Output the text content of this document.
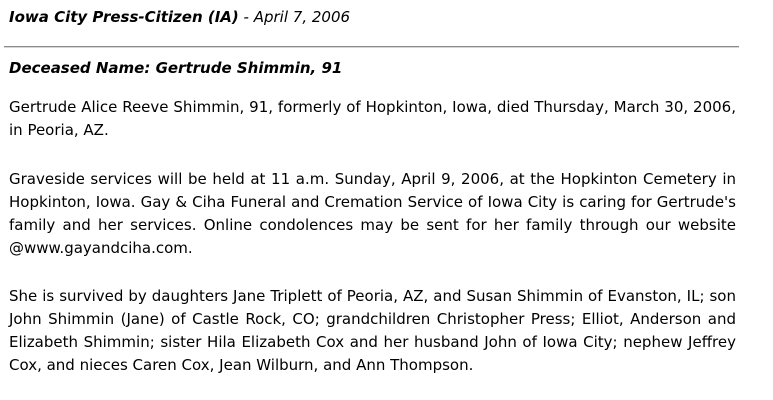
Iowa City Press-Citizen (IA) - April 7, 2006
Deceased Name: Gertrude Shimmin, 91

Gertrude Alice Reeve Shimmin, 91, formerly of Hopkinton, Iowa, died Thursday, March 30, 2006, in Peoria, AZ.

Graveside services will be held at 11 a.m. Sunday, April 9, 2006, at the Hopkinton Cemetery in Hopkinton, Iowa. Gay & Ciha Funeral and Cremation Service of Iowa City is caring for Gertrude's family and her services. Online condolences may be sent for her family through our website @www.gayandciha.com.

She is survived by daughters Jane Triplett of Peoria, AZ, and Susan Shimmin of Evanston, IL; son John Shimmin (Jane) of Castle Rock, CO; grandchildren Christopher Press; Elliot, Anderson and Elizabeth Shimmin; sister Hila Elizabeth Cox and her husband John of Iowa City; nephew Jeffrey Cox, and nieces Caren Cox, Jean Wilburn, and Ann Thompson.
